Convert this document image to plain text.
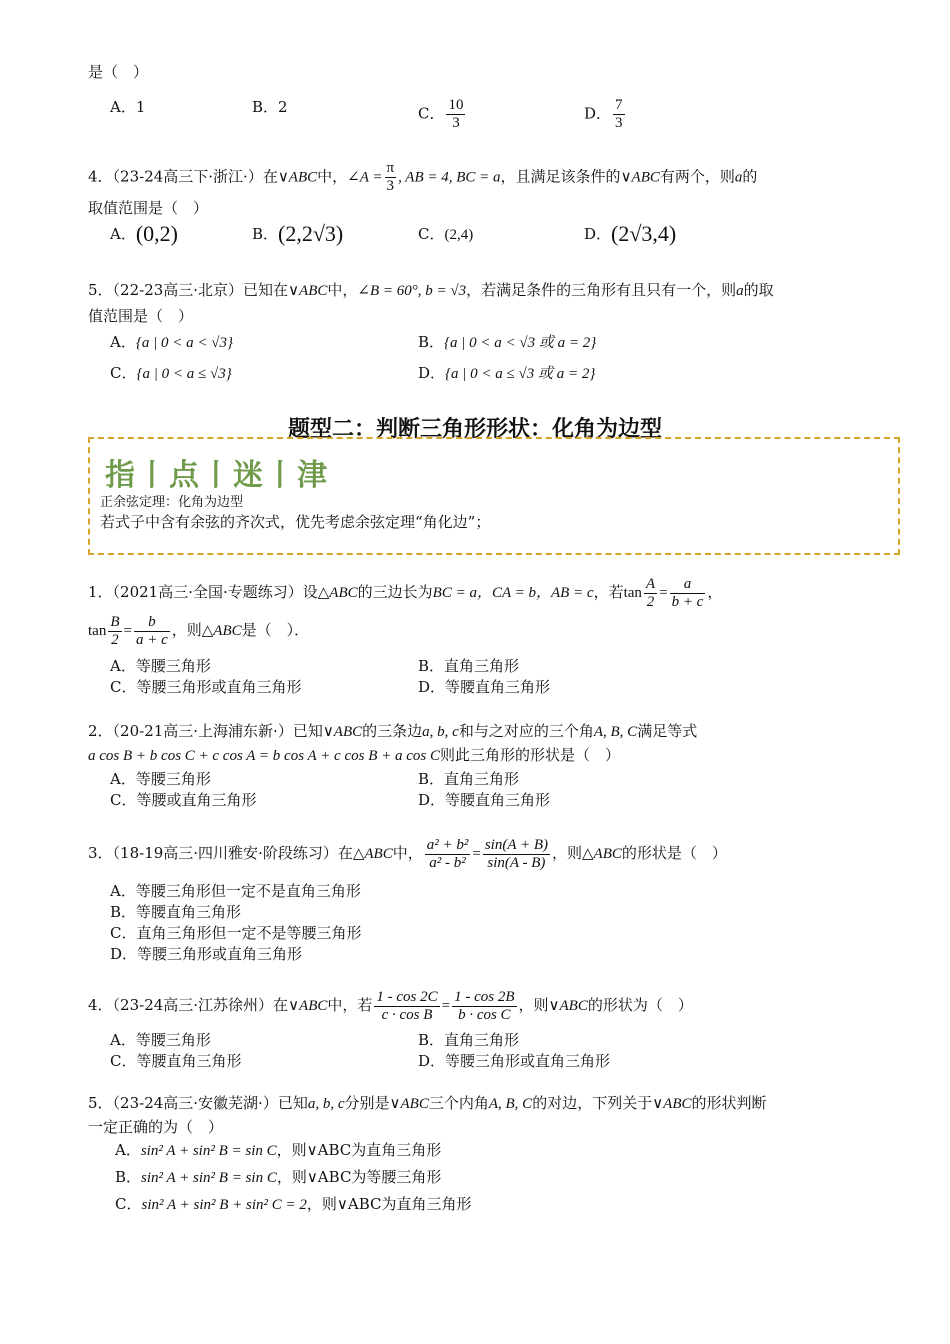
是（　）
A．1	B．2	C． $\frac{10}{3}$	D． $\frac{7}{3}$
4．（23-24高三下·浙江·）在∨ABC中，∠A = $\frac{\pi}{3}$ , AB = 4, BC = a，且满足该条件的∨ABC有两个，则a的
取值范围是（　）
A．(0,2)	B．(2,2√3)	C．(2,4)	D．(2√3,4)
5．（22-23高三·北京）已知在∨ABC中，∠B = 60°, b = √3，若满足条件的三角形有且只有一个，则a的取
值范围是（　）
A．{a | 0 < a < √3}	B．{a | 0 < a < √3 或 a = 2}
C．{a | 0 < a ≤ √3}	D．{a | 0 < a ≤ √3 或 a = 2}
题型二：判断三角形形状：化角为边型
指丨点丨迷丨津
正余弦定理：化角为边型
若式子中含有余弦的齐次式，优先考虑余弦定理“角化边”；
1．（2021高三·全国·专题练习）设△ABC的三边长为BC = a，CA = b，AB = c，若$\tan \frac{A}{2} = \frac{a}{b + c}$ ，
$\tan \frac{B}{2} = \frac{b}{a + c}$ ，则△ABC是（　）．
A．等腰三角形	B．直角三角形
C．等腰三角形或直角三角形	D．等腰直角三角形
2．（20-21高三·上海浦东新·）已知∨ABC的三条边a, b, c和与之对应的三个角A, B, C满足等式
a cos B + b cos C + c cos A = b cos A + c cos B + a cos C则此三角形的形状是（　）
A．等腰三角形	B．直角三角形
C．等腰或直角三角形	D．等腰直角三角形
3．（18-19高三·四川雅安·阶段练习）在△ABC中， $\frac{\text{a² + b²}}{\text{a² - b²}} = \frac{\sin(A + B)}{\sin(A - B)}$ ，则△ABC的形状是（　）
A．等腰三角形但一定不是直角三角形
B．等腰直角三角形
C．直角三角形但一定不是等腰三角形
D．等腰三角形或直角三角形
4．（23-24高三·江苏徐州）在∨ABC中，若 $\frac{1 - \cos 2C}{\text{c · cos B}} = \frac{1 - \cos 2B}{\text{b · cos C}}$ ，则∨ABC的形状为（　）
A．等腰三角形	B．直角三角形
C．等腰直角三角形	D．等腰三角形或直角三角形
5．（23-24高三·安徽芜湖·）已知a, b, c分别是∨ABC三个内角A, B, C的对边，下列关于∨ABC的形状判断
一定正确的为（　）
A．sin² A + sin² B = sin C，则∨ABC为直角三角形
B．sin² A + sin² B = sin C，则∨ABC为等腰三角形
C．sin² A + sin² B + sin² C = 2，则∨ABC为直角三角形
